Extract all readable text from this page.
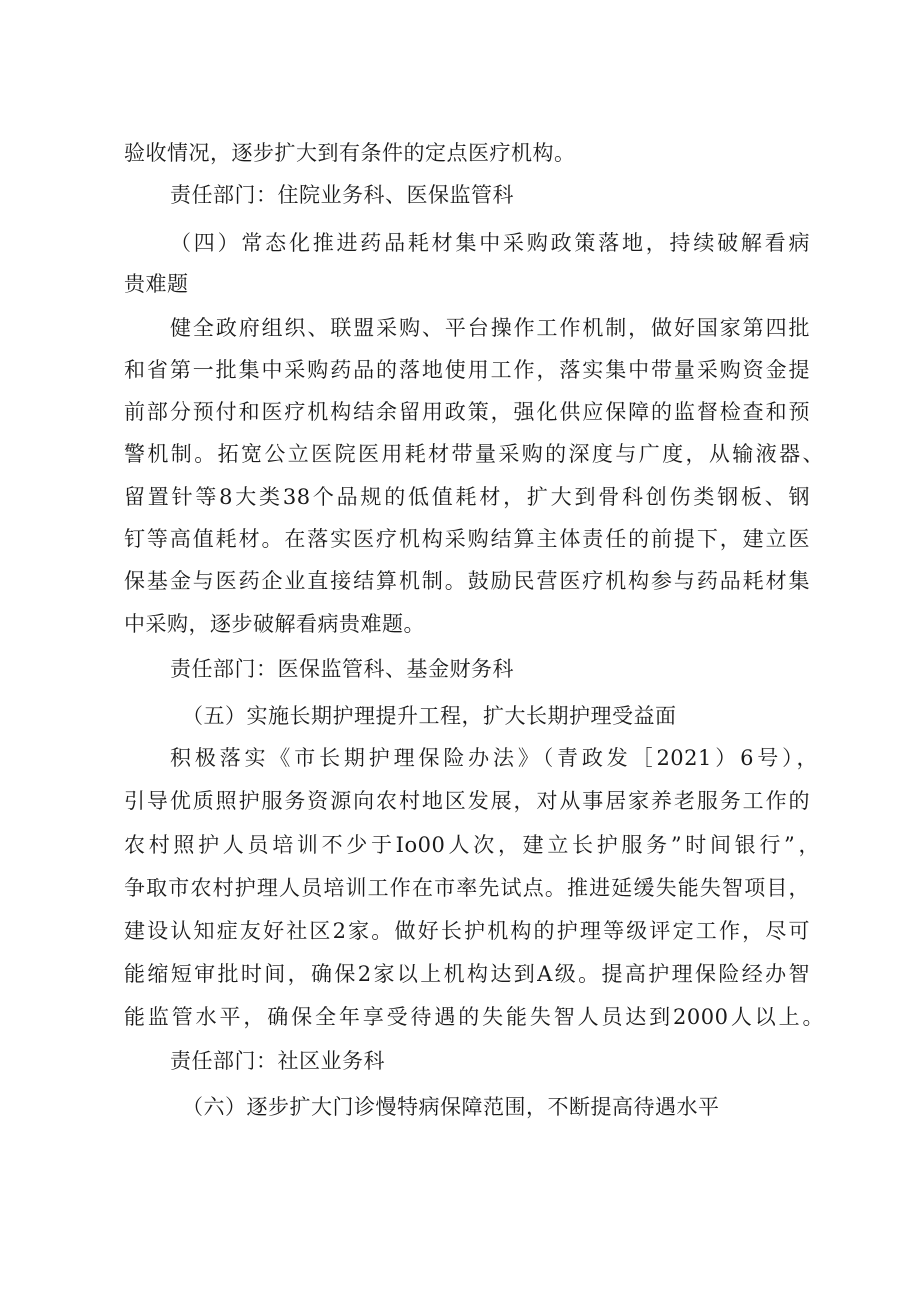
验收情况，逐步扩大到有条件的定点医疗机构。

责任部门：住院业务科、医保监管科

（四）常态化推进药品耗材集中采购政策落地，持续破解看病

贵难题

健全政府组织、联盟采购、平台操作工作机制，做好国家第四批

和省第一批集中采购药品的落地使用工作，落实集中带量采购资金提

前部分预付和医疗机构结余留用政策，强化供应保障的监督检查和预

警机制。拓宽公立医院医用耗材带量采购的深度与广度，从输液器、

留置针等8大类38个品规的低值耗材，扩大到骨科创伤类钢板、钢

钉等高值耗材。在落实医疗机构采购结算主体责任的前提下，建立医

保基金与医药企业直接结算机制。鼓励民营医疗机构参与药品耗材集

中采购，逐步破解看病贵难题。

责任部门：医保监管科、基金财务科

（五）实施长期护理提升工程，扩大长期护理受益面

积极落实《市长期护理保险办法》（青政发［2021）6号），

引导优质照护服务资源向农村地区发展，对从事居家养老服务工作的

农村照护人员培训不少于Io00人次，建立长护服务”时间银行”，

争取市农村护理人员培训工作在市率先试点。推进延缓失能失智项目，

建设认知症友好社区2家。做好长护机构的护理等级评定工作，尽可

能缩短审批时间，确保2家以上机构达到A级。提高护理保险经办智

能监管水平，确保全年享受待遇的失能失智人员达到2000人以上。

责任部门：社区业务科

（六）逐步扩大门诊慢特病保障范围，不断提高待遇水平
